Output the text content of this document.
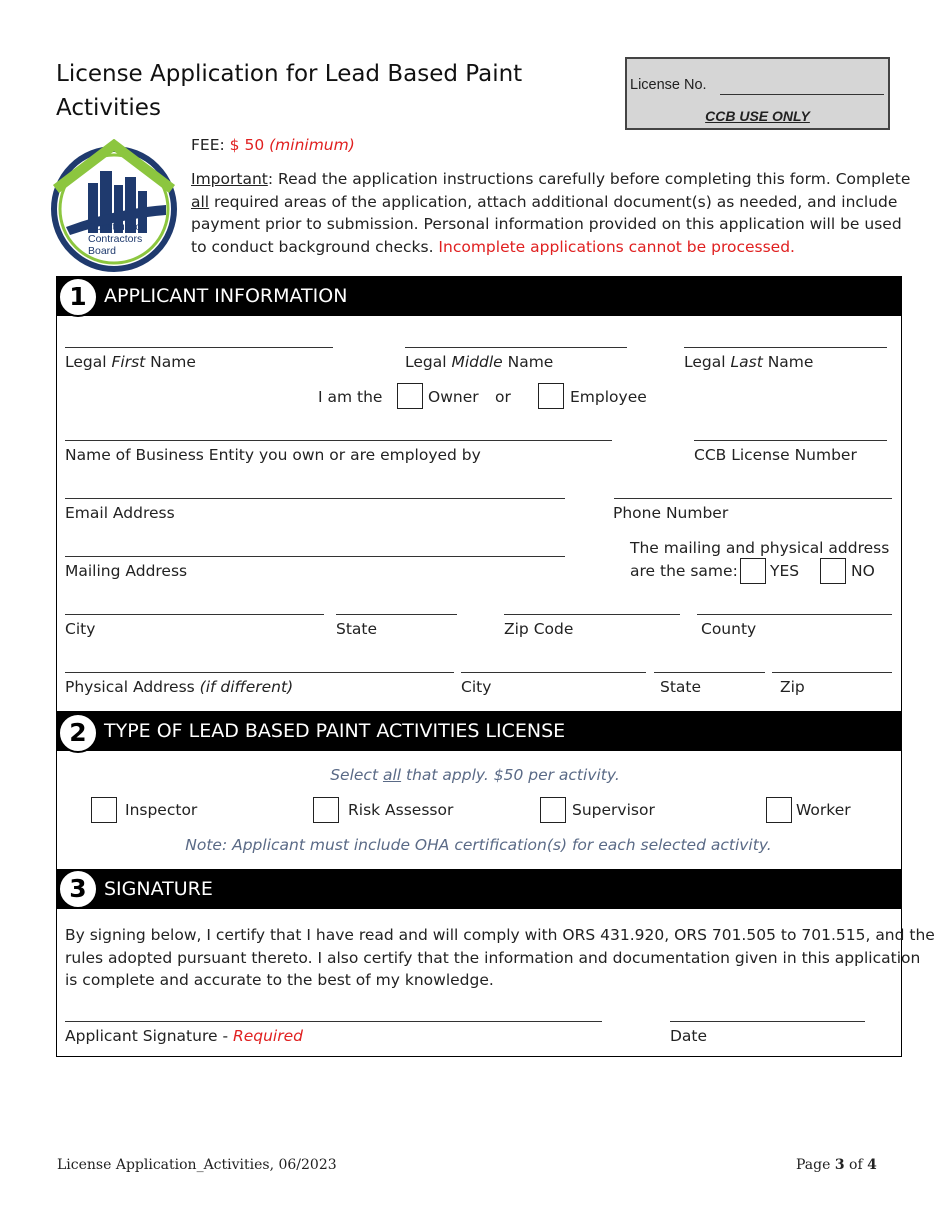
License Application for Lead Based Paint
Activities
License No.
CCB USE ONLY
Construction
Contractors
Board
FEE: $ 50 (minimum)
Important: Read the application instructions carefully before completing this form. Complete
all required areas of the application, attach additional document(s) as needed, and include
payment prior to submission. Personal information provided on this application will be used
to conduct background checks. Incomplete applications cannot be processed.
1 APPLICANT INFORMATION
Legal First Name	Legal Middle Name	Legal Last Name
I am the	Owner or	Employee
Name of Business Entity you own or are employed by	CCB License Number
Email Address	Phone Number
Mailing Address
The mailing and physical address
are the same: YES	NO
City	State	Zip Code	County
Physical Address (if different)	City	State	Zip
2 TYPE OF LEAD BASED PAINT ACTIVITIES LICENSE
Select all that apply. $50 per activity.
Inspector	Risk Assessor	Supervisor	Worker
Note: Applicant must include OHA certification(s) for each selected activity.
3 SIGNATURE
By signing below, I certify that I have read and will comply with ORS 431.920, ORS 701.505 to 701.515, and the
rules adopted pursuant thereto. I also certify that the information and documentation given in this application
is complete and accurate to the best of my knowledge.
Applicant Signature - Required	Date
License Application_Activities, 06/2023	Page 3 of 4
